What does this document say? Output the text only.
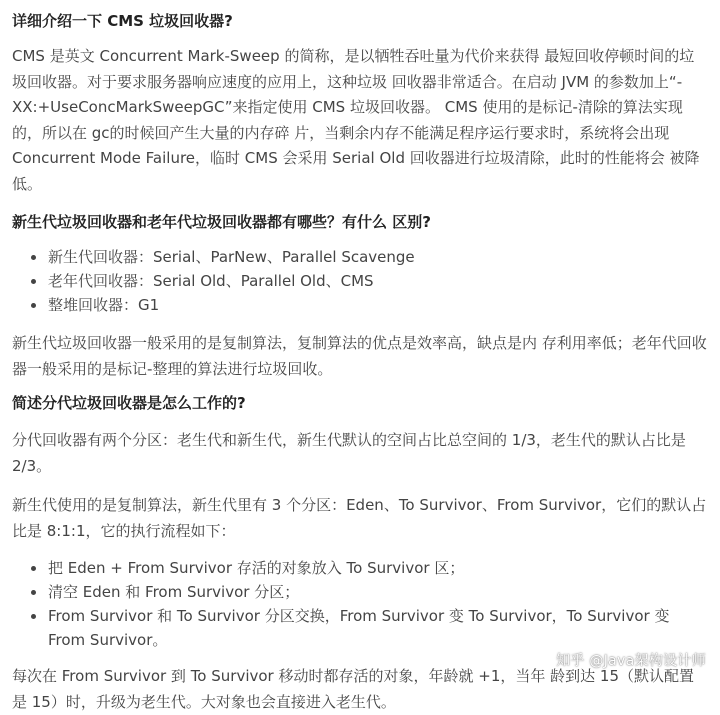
详细介绍一下 CMS 垃圾回收器?

CMS 是英文 Concurrent Mark-Sweep 的简称，是以牺牲吞吐量为代价来获得 最短回收停顿时间的垃圾回收器。对于要求服务器响应速度的应用上，这种垃圾 回收器非常适合。在启动 JVM 的参数加上“-XX:+UseConcMarkSweepGC”来指定使用 CMS 垃圾回收器。 CMS 使用的是标记-清除的算法实现的，所以在 gc的时候回产生大量的内存碎 片，当剩余内存不能满足程序运行要求时，系统将会出现 Concurrent Mode Failure，临时 CMS 会采用 Serial Old 回收器进行垃圾清除，此时的性能将会 被降低。

新生代垃圾回收器和老年代垃圾回收器都有哪些？有什么 区别?

新生代回收器：Serial、ParNew、Parallel Scavenge
老年代回收器：Serial Old、Parallel Old、CMS
整堆回收器：G1

新生代垃圾回收器一般采用的是复制算法，复制算法的优点是效率高，缺点是内 存利用率低；老年代回收器一般采用的是标记-整理的算法进行垃圾回收。

简述分代垃圾回收器是怎么工作的?

分代回收器有两个分区：老生代和新生代，新生代默认的空间占比总空间的 1/3，老生代的默认占比是 2/3。

新生代使用的是复制算法，新生代里有 3 个分区：Eden、To Survivor、From Survivor，它们的默认占比是 8:1:1，它的执行流程如下：

把 Eden + From Survivor 存活的对象放入 To Survivor 区；
清空 Eden 和 From Survivor 分区；
From Survivor 和 To Survivor 分区交换，From Survivor 变 To Survivor，To Survivor 变 From Survivor。

每次在 From Survivor 到 To Survivor 移动时都存活的对象，年龄就 +1，当年 龄到达 15（默认配置是 15）时，升级为老生代。大对象也会直接进入老生代。

知乎 @Java架构设计师
